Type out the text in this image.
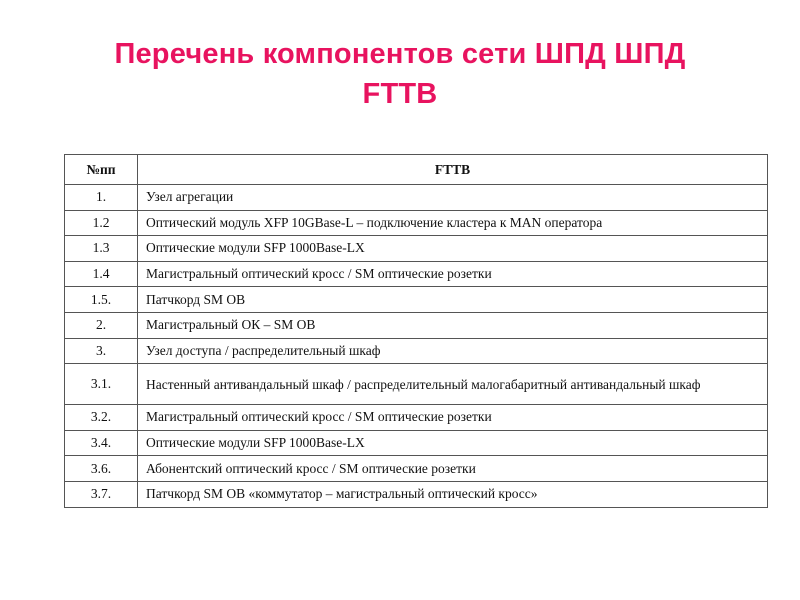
Перечень компонентов сети ШПД ШПД
FTTB
№пп	FTTB
1.	Узел агрегации
1.2	Оптический модуль XFP 10GBase-L – подключение кластера к MAN оператора
1.3	Оптические модули SFP 1000Base-LX
1.4	Магистральный оптический кросс / SM оптические розетки
1.5.	Патчкорд SM OB
2.	Магистральный ОК – SM OB
3.	Узел доступа / распределительный шкаф
3.1.	Настенный антивандальный шкаф / распределительный малогабаритный антивандальный шкаф
3.2.	Магистральный оптический кросс / SM оптические розетки
3.4.	Оптические модули SFP 1000Base-LX
3.6.	Абонентский оптический кросс / SM оптические розетки
3.7.	Патчкорд SM OB «коммутатор – магистральный оптический кросс»
